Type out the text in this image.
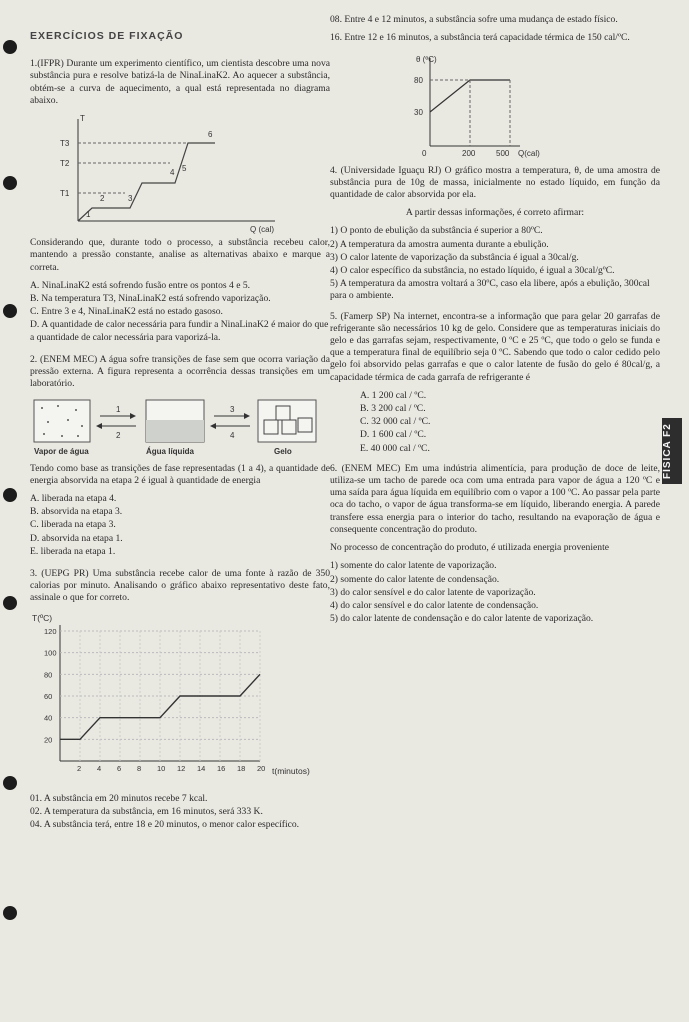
FÍSICA F2
EXERCÍCIOS DE FIXAÇÃO

1.(IFPR) Durante um experimento científico, um cientista descobre uma nova substância pura e resolve batizá-la de NinaLinaK2. Ao aquecer a substância, obtém-se a curva de aquecimento, a qual está representada no diagrama abaixo.

T
Q (cal)
T3
T2
T1
1
2	3
4 5
6

Considerando que, durante todo o processo, a substância recebeu calor, mantendo a pressão constante, analise as alternativas abaixo e marque a correta.

A. NinaLinaK2 está sofrendo fusão entre os pontos 4 e 5.
B. Na temperatura T3, NinaLinaK2 está sofrendo vaporização.
C. Entre 3 e 4, NinaLinaK2 está no estado gasoso.
D. A quantidade de calor necessária para fundir a NinaLinaK2 é maior do que a quantidade de calor necessária para vaporizá-la.

2. (ENEM MEC) A água sofre transições de fase sem que ocorra variação da pressão externa. A figura representa a ocorrência dessas transições em um laboratório.

1
2
3
4
Vapor de água	Água líquida	Gelo

Tendo como base as transições de fase representadas (1 a 4), a quantidade de energia absorvida na etapa 2 é igual à quantidade de energia

A. liberada na etapa 4.
B. absorvida na etapa 3.
C. liberada na etapa 3.
D. absorvida na etapa 1.
E. liberada na etapa 1.

3. (UEPG PR) Uma substância recebe calor de uma fonte à razão de 350 calorias por minuto. Analisando o gráfico abaixo representativo deste fato, assinale o que for correto.

T(ºC)
t(minutos)
120
100
80
60
40
20
2 4 6 8 10 12 14 16 18 20
01. A substância em 20 minutos recebe 7 kcal.
02. A temperatura da substância, em 16 minutos, será 333 K.
04. A substância terá, entre 18 e 20 minutos, o menor calor específico.

08. Entre 4 e 12 minutos, a substância sofre uma mudança de estado físico.

16. Entre 12 e 16 minutos, a substância terá capacidade térmica de 150 cal/ºC.

θ (ºC)
80
30
0	200	500 Q(cal)

4. (Universidade Iguaçu RJ) O gráfico mostra a temperatura, θ, de uma amostra de substância pura de 10g de massa, inicialmente no estado líquido, em função da quantidade de calor absorvida por ela.

A partir dessas informações, é correto afirmar:

1) O ponto de ebulição da substância é superior a 80ºC.
2) A temperatura da amostra aumenta durante a ebulição.
3) O calor latente de vaporização da substância é igual a 30cal/g.
4) O calor específico da substância, no estado líquido, é igual a 30cal/gºC.
5) A temperatura da amostra voltará a 30ºC, caso ela libere, após a ebulição, 300cal para o ambiente.

5. (Famerp SP) Na internet, encontra-se a informação que para gelar 20 garrafas de refrigerante são necessários 10 kg de gelo. Considere que as temperaturas iniciais do gelo e das garrafas sejam, respectivamente, 0 ºC e 25 ºC, que todo o gelo se funda e que a temperatura final de equilíbrio seja 0 ºC. Sabendo que todo o calor cedido pelo gelo foi absorvido pelas garrafas e que o calor latente de fusão do gelo é 80cal/g, a capacidade térmica de cada garrafa de refrigerante é

A. 1 200 cal / ºC.
B. 3 200 cal / ºC.
C. 32 000 cal / ºC.
D. 1 600 cal / ºC.
E. 40 000 cal / ºC.

6. (ENEM MEC) Em uma indústria alimentícia, para produção de doce de leite, utiliza-se um tacho de parede oca com uma entrada para vapor de água a 120 ºC e uma saída para água líquida em equilíbrio com o vapor a 100 ºC. Ao passar pela parte oca do tacho, o vapor de água transforma-se em líquido, liberando energia. A parede transfere essa energia para o interior do tacho, resultando na evaporação de água e consequente concentração do produto.

No processo de concentração do produto, é utilizada energia proveniente

1) somente do calor latente de vaporização.
2) somente do calor latente de condensação.
3) do calor sensível e do calor latente de vaporização.
4) do calor sensível e do calor latente de condensação.
5) do calor latente de condensação e do calor latente de vaporização.
